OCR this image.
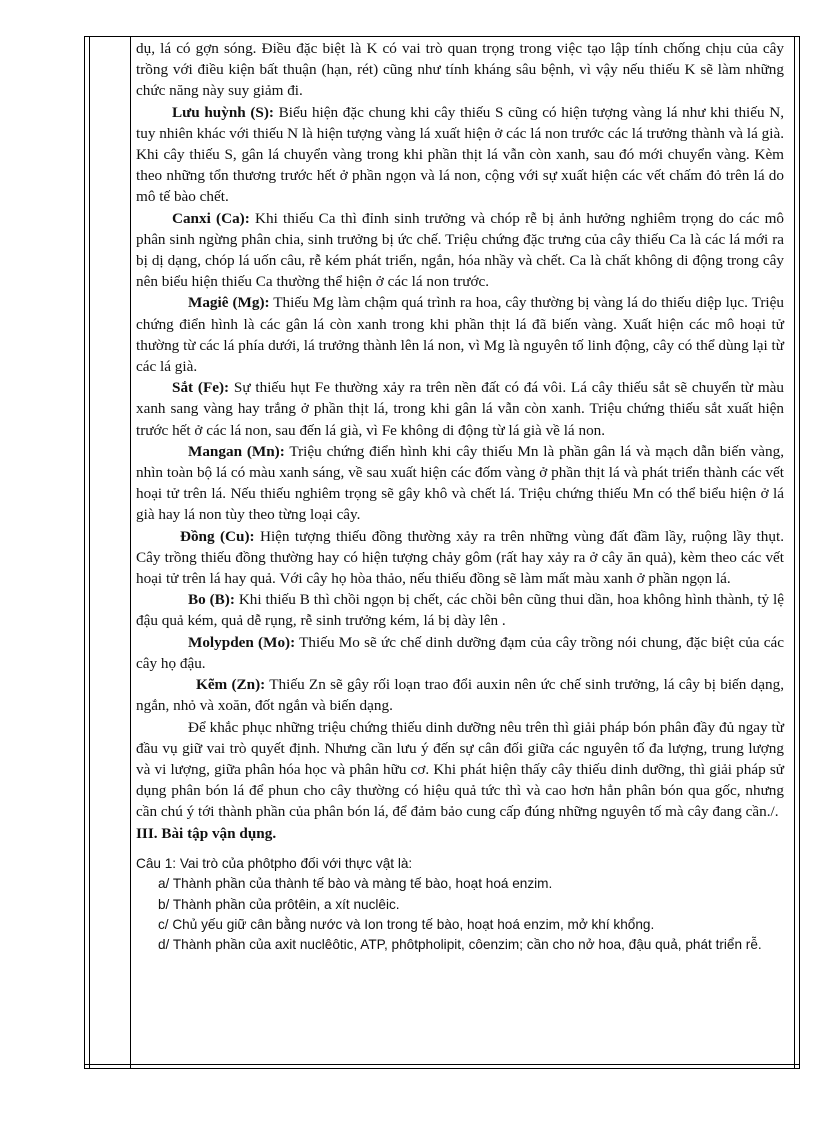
dụ, lá có gợn sóng. Điều đặc biệt là K có vai trò quan trọng trong việc tạo lập tính chống chịu của cây trồng với điều kiện bất thuận (hạn, rét) cũng như tính kháng sâu bệnh, vì vậy nếu thiếu K sẽ làm những chức năng này suy giảm đi.

Lưu huỳnh (S): Biểu hiện đặc chung khi cây thiếu S cũng có hiện tượng vàng lá như khi thiếu N, tuy nhiên khác với thiếu N là hiện tượng vàng lá xuất hiện ở các lá non trước các lá trưởng thành và lá già. Khi cây thiếu S, gân lá chuyển vàng trong khi phần thịt lá vẫn còn xanh, sau đó mới chuyển vàng. Kèm theo những tổn thương trước hết ở phần ngọn và lá non, cộng với sự xuất hiện các vết chấm đỏ trên lá do mô tế bào chết.

Canxi (Ca): Khi thiếu Ca thì đỉnh sinh trưởng và chóp rễ bị ảnh hưởng nghiêm trọng do các mô phân sinh ngừng phân chia, sinh trưởng bị ức chế. Triệu chứng đặc trưng của cây thiếu Ca là các lá mới ra bị dị dạng, chóp lá uốn câu, rễ kém phát triển, ngắn, hóa nhầy và chết. Ca là chất không di động trong cây nên biểu hiện thiếu Ca thường thể hiện ở các lá non trước.

Magiê (Mg): Thiếu Mg làm chậm quá trình ra hoa, cây thường bị vàng lá do thiếu diệp lục. Triệu chứng điển hình là các gân lá còn xanh trong khi phần thịt lá đã biến vàng. Xuất hiện các mô hoại tử thường từ các lá phía dưới, lá trưởng thành lên lá non, vì Mg là nguyên tố linh động, cây có thể dùng lại từ các lá già.

Sắt (Fe): Sự thiếu hụt Fe thường xảy ra trên nền đất có đá vôi. Lá cây thiếu sắt sẽ chuyển từ màu xanh sang vàng hay trắng ở phần thịt lá, trong khi gân lá vẫn còn xanh. Triệu chứng thiếu sắt xuất hiện trước hết ở các lá non, sau đến lá già, vì Fe không di động từ lá già về lá non.

Mangan (Mn): Triệu chứng điển hình khi cây thiếu Mn là phần gân lá và mạch dẫn biến vàng, nhìn toàn bộ lá có màu xanh sáng, về sau xuất hiện các đốm vàng ở phần thịt lá và phát triển thành các vết hoại tử trên lá. Nếu thiếu nghiêm trọng sẽ gây khô và chết lá. Triệu chứng thiếu Mn có thể biểu hiện ở lá già hay lá non tùy theo từng loại cây.

Đồng (Cu): Hiện tượng thiếu đồng thường xảy ra trên những vùng đất đầm lầy, ruộng lầy thụt. Cây trồng thiếu đồng thường hay có hiện tượng chảy gôm (rất hay xảy ra ở cây ăn quả), kèm theo các vết hoại tử trên lá hay quả. Với cây họ hòa thảo, nếu thiếu đồng sẽ làm mất màu xanh ở phần ngọn lá.

Bo (B): Khi thiếu B thì chồi ngọn bị chết, các chồi bên cũng thui dần, hoa không hình thành, tỷ lệ đậu quả kém, quả dễ rụng, rễ sinh trưởng kém, lá bị dày lên .

Molypden (Mo): Thiếu Mo sẽ ức chế dinh dưỡng đạm của cây trồng nói chung, đặc biệt của các cây họ đậu.

Kẽm (Zn): Thiếu Zn sẽ gây rối loạn trao đổi auxin nên ức chế sinh trưởng, lá cây bị biến dạng, ngắn, nhỏ và xoăn, đốt ngắn và biến dạng.

Để khắc phục những triệu chứng thiếu dinh dưỡng nêu trên thì giải pháp bón phân đầy đủ ngay từ đầu vụ giữ vai trò quyết định. Nhưng cần lưu ý đến sự cân đối giữa các nguyên tố đa lượng, trung lượng và vi lượng, giữa phân hóa học và phân hữu cơ. Khi phát hiện thấy cây thiếu dinh dưỡng, thì giải pháp sử dụng phân bón lá để phun cho cây thường có hiệu quả tức thì và cao hơn hẳn phân bón qua gốc, nhưng cần chú ý tới thành phần của phân bón lá, để đảm bảo cung cấp đúng những nguyên tố mà cây đang cần./.

III. Bài tập vận dụng.

Câu 1: Vai trò của phôtpho đối với thực vật là:

a/ Thành phần của thành tế bào và màng tế bào, hoạt hoá enzim.

b/ Thành phần của prôtêin, a xít nuclêic.

c/ Chủ yếu giữ cân bằng nước và Ion trong tế bào, hoạt hoá enzim, mở khí khổng.

d/ Thành phần của axit nuclêôtic, ATP, phôtpholipit, côenzim; cần cho nở hoa, đậu quả, phát triển rễ.
